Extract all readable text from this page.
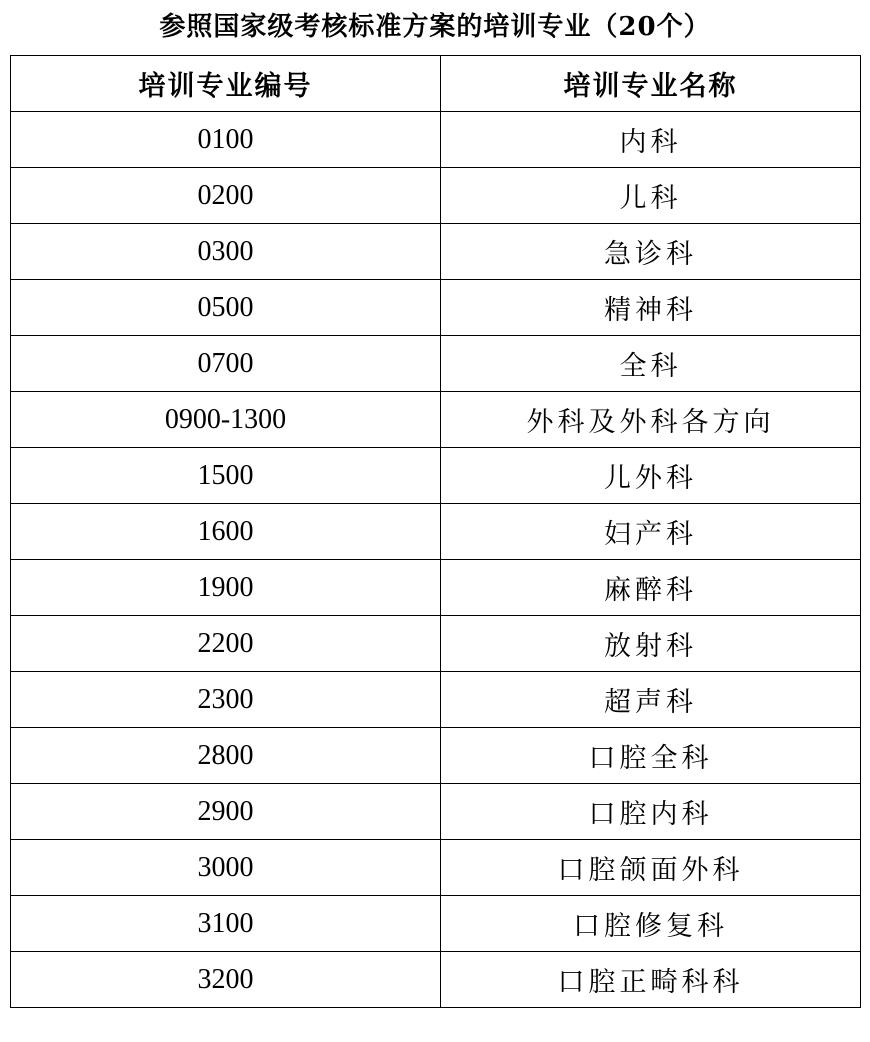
参照国家级考核标准方案的培训专业（20个）
培训专业编号	培训专业名称
0100	内科
0200	儿科
0300	急诊科
0500	精神科
0700	全科
0900-1300	外科及外科各方向
1500	儿外科
1600	妇产科
1900	麻醉科
2200	放射科
2300	超声科
2800	口腔全科
2900	口腔内科
3000	口腔颌面外科
3100	口腔修复科
3200	口腔正畸科科
